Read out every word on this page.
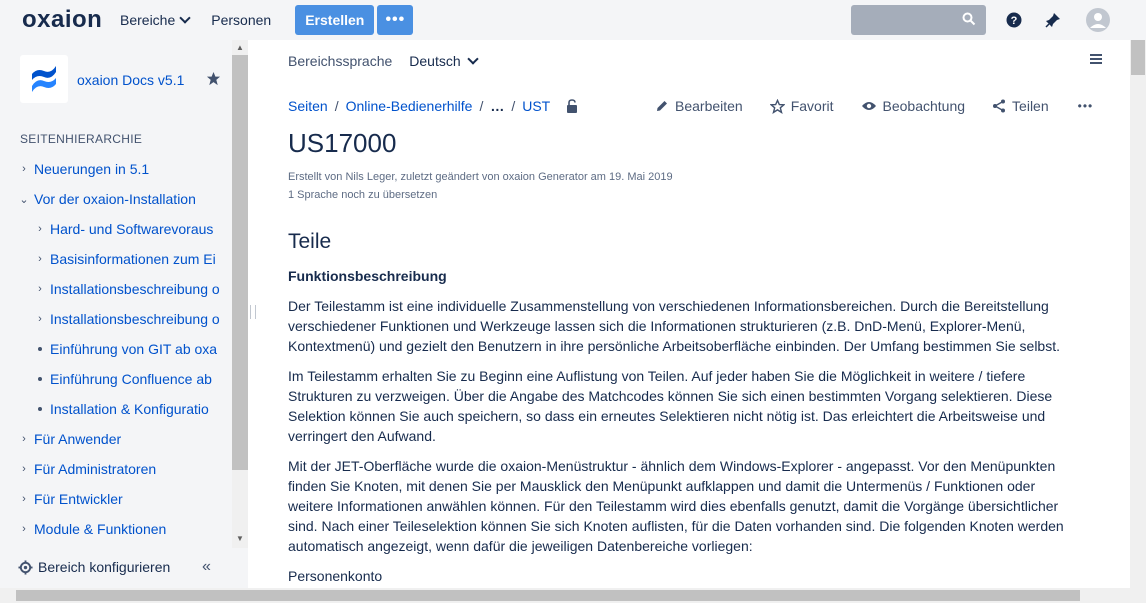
oxaion Bereiche	Personen	Erstellen	•••	?
oxaion Docs v5.1
SEITENHIERARCHIE
› Neuerungen in 5.1
⌄ Vor der oxaion-Installation
› Hard- und Softwarevoraus
› Basisinformationen zum Ei
› Installationsbeschreibung o
› Installationsbeschreibung o
Einführung von GIT ab oxa
Einführung Confluence ab
Installation & Konfiguratio
› Für Anwender
› Für Administratoren
› Für Entwickler
› Module & Funktionen
▲
▼
Bereich konfigurieren «
Bereichssprache Deutsch
Seiten / Online-Bedienerhilfe / … / UST	Bearbeiten	Favorit	Beobachtung	Teilen •••
US17000
Erstellt von Nils Leger, zuletzt geändert von oxaion Generator am 19. Mai 2019
1 Sprache noch zu übersetzen
Teile
Funktionsbeschreibung
Der Teilestamm ist eine individuelle Zusammenstellung von verschiedenen Informationsbereichen. Durch die Bereitstellung verschiedener Funktionen und Werkzeuge lassen sich die Informationen strukturieren (z.B. DnD-Menü, Explorer-Menü, Kontextmenü) und gezielt den Benutzern in ihre persönliche Arbeitsoberfläche einbinden. Der Umfang bestimmen Sie selbst.
Im Teilestamm erhalten Sie zu Beginn eine Auflistung von Teilen. Auf jeder haben Sie die Möglichkeit in weitere / tiefere Strukturen zu verzweigen. Über die Angabe des Matchcodes können Sie sich einen bestimmten Vorgang selektieren. Diese Selektion können Sie auch speichern, so dass ein erneutes Selektieren nicht nötig ist. Das erleichtert die Arbeitsweise und verringert den Aufwand.
Mit der JET-Oberfläche wurde die oxaion-Menüstruktur - ähnlich dem Windows-Explorer - angepasst. Vor den Menüpunkten finden Sie Knoten, mit denen Sie per Mausklick den Menüpunkt aufklappen und damit die Untermenüs / Funktionen oder weitere Informationen anwählen können. Für den Teilestamm wird dies ebenfalls genutzt, damit die Vorgänge übersichtlicher sind. Nach einer Teileselektion können Sie sich Knoten auflisten, für die Daten vorhanden sind. Die folgenden Knoten werden automatisch angezeigt, wenn dafür die jeweiligen Datenbereiche vorliegen:
Personenkonto
